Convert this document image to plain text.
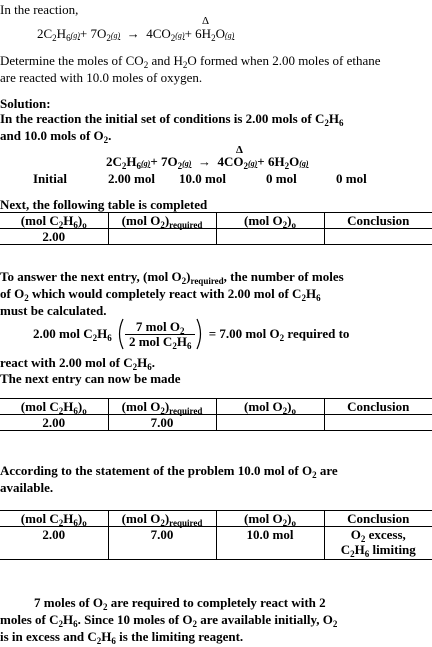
In the reaction,
$2C_2H_6(g)+ 7O_2(g) \to 4CO_2(g)+ 6H_2O(g)$
Δ
Determine the moles of $CO_2$ and $H_2O$ formed when 2.00 moles of ethane
are reacted with 10.0 moles of oxygen.
Solution:
In the reaction the initial set of conditions is 2.00 mols of $C_2H_6$
and 10.0 mols of $O_2$.
$2C_2H_6(g)+ 7O_2(g) \to 4CO_2(g)+ 6H_2O(g)$
Δ
Initial	2.00 mol 10.0 mol	0 mol	0 mol
Next, the following table is completed
(mol $C_2H_6)_o$	(mol $O_2)_{required}$	(mol $O_2)_o$	Conclusion
2.00			
To answer the next entry, (mol $O_2)_{required}$, the number of moles
of $O_2$ which would completely react with 2.00 mol of $C_2H_6$
must be calculated.
2.00 mol $C_2H_6 \frac{7 mol O_2}{2 mol C_2H_6} = 7.00$ mol $O_2$ required to
react with 2.00 mol of $C_2H_6$.
The next entry can now be made
(mol $C_2H_6)_o$	(mol $O_2)_{required}$	(mol $O_2)_o$	Conclusion
2.00	7.00		
According to the statement of the problem 10.0 mol of $O_2$ are
available.
(mol $C_2H_6)_o$	(mol $O_2)_{required}$	(mol $O_2)_o$	Conclusion
2.00	7.00	10.0 mol	$O_2$ excess,
$C_2H_6$ limiting
7 moles of $O_2$ are required to completely react with 2
moles of $C_2H_6$. Since 10 moles of $O_2$ are available initially, $O_2$
is in excess and $C_2H_6$ is the limiting reagent.
